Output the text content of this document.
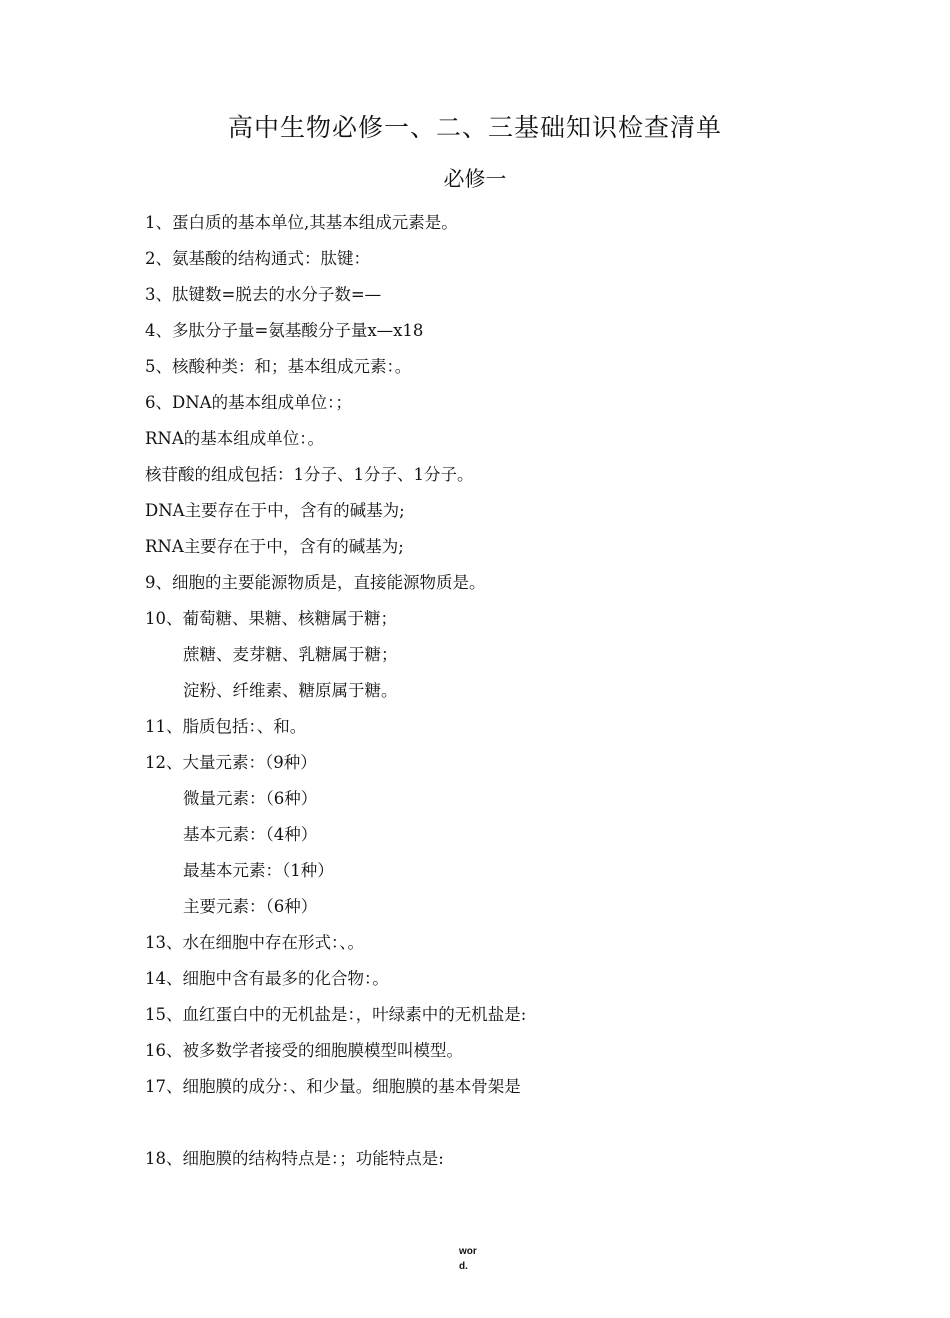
高中生物必修一、二、三基础知识检查清单
必修一
1、蛋白质的基本单位,其基本组成元素是。
2、氨基酸的结构通式：肽键：
3、肽键数=脱去的水分子数=—
4、多肽分子量=氨基酸分子量x—x18
5、核酸种类：和；基本组成元素：。
6、DNA的基本组成单位：；
RNA的基本组成单位：。
核苷酸的组成包括：1分子、1分子、1分子。
DNA主要存在于中，含有的碱基为;
RNA主要存在于中，含有的碱基为;
9、细胞的主要能源物质是，直接能源物质是。
10、葡萄糖、果糖、核糖属于糖；
蔗糖、麦芽糖、乳糖属于糖；
淀粉、纤维素、糖原属于糖。
11、脂质包括：、和。
12、大量元素：（9种）
微量元素：（6种）
基本元素：（4种）
最基本元素：（1种）
主要元素：（6种）
13、水在细胞中存在形式：、。
14、细胞中含有最多的化合物：。
15、血红蛋白中的无机盐是：，叶绿素中的无机盐是:
16、被多数学者接受的细胞膜模型叫模型。
17、细胞膜的成分：、和少量。细胞膜的基本骨架是
18、细胞膜的结构特点是：；功能特点是:
wor
d.
